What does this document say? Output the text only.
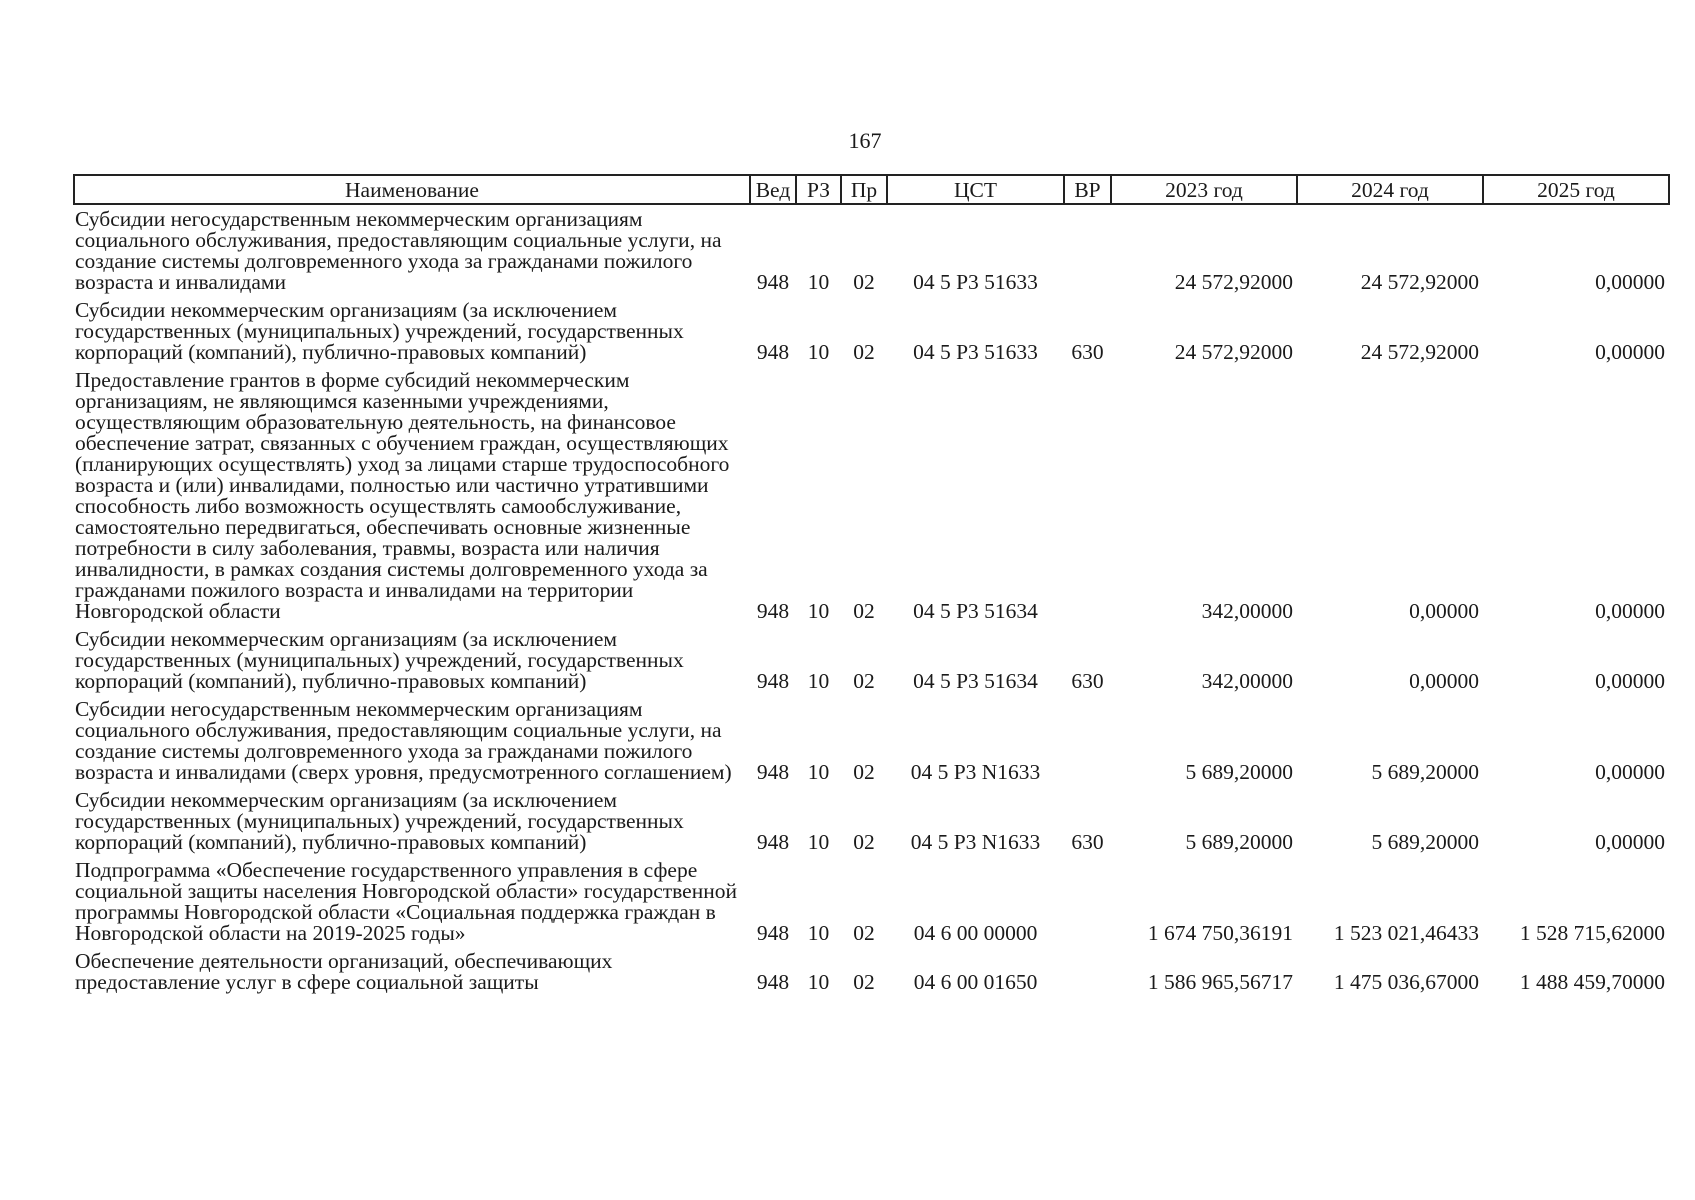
167
Наименование	Вед	РЗ	Пр	ЦСТ	ВР	2023 год	2024 год	2025 год

Субсидии негосударственным некоммерческим организациям социального обслуживания, предоставляющим социальные услуги, на создание системы долговременного ухода за гражданами пожилого возраста и инвалидами	948	10	02	04 5 Р3 51633		24 572,92000	24 572,92000	0,00000

Субсидии некоммерческим организациям (за исключением государственных (муниципальных) учреждений, государственных корпораций (компаний), публично-правовых компаний)	948	10	02	04 5 Р3 51633	630	24 572,92000	24 572,92000	0,00000

Предоставление грантов в форме субсидий некоммерческим организациям, не являющимся казенными учреждениями, осуществляющим образовательную деятельность, на финансовое обеспечение затрат, связанных с обучением граждан, осуществляющих (планирующих осуществлять) уход за лицами старше трудоспособного возраста и (или) инвалидами, полностью или частично утратившими способность либо возможность осуществлять самообслуживание, самостоятельно передвигаться, обеспечивать основные жизненные потребности в силу заболевания, травмы, возраста или наличия инвалидности, в рамках создания системы долговременного ухода за гражданами пожилого возраста и инвалидами на территории Новгородской области	948	10	02	04 5 Р3 51634		342,00000	0,00000	0,00000

Субсидии некоммерческим организациям (за исключением государственных (муниципальных) учреждений, государственных корпораций (компаний), публично-правовых компаний)	948	10	02	04 5 Р3 51634	630	342,00000	0,00000	0,00000

Субсидии негосударственным некоммерческим организациям социального обслуживания, предоставляющим социальные услуги, на создание системы долговременного ухода за гражданами пожилого возраста и инвалидами (сверх уровня, предусмотренного соглашением)	948	10	02	04 5 Р3 N1633		5 689,20000	5 689,20000	0,00000

Субсидии некоммерческим организациям (за исключением государственных (муниципальных) учреждений, государственных корпораций (компаний), публично-правовых компаний)	948	10	02	04 5 Р3 N1633	630	5 689,20000	5 689,20000	0,00000

Подпрограмма «Обеспечение государственного управления в сфере социальной защиты населения Новгородской области» государственной программы Новгородской области «Социальная поддержка граждан в Новгородской области на 2019-2025 годы»	948	10	02	04 6 00 00000		1 674 750,36191	1 523 021,46433	1 528 715,62000

Обеспечение деятельности организаций, обеспечивающих предоставление услуг в сфере социальной защиты	948	10	02	04 6 00 01650		1 586 965,56717	1 475 036,67000	1 488 459,70000
